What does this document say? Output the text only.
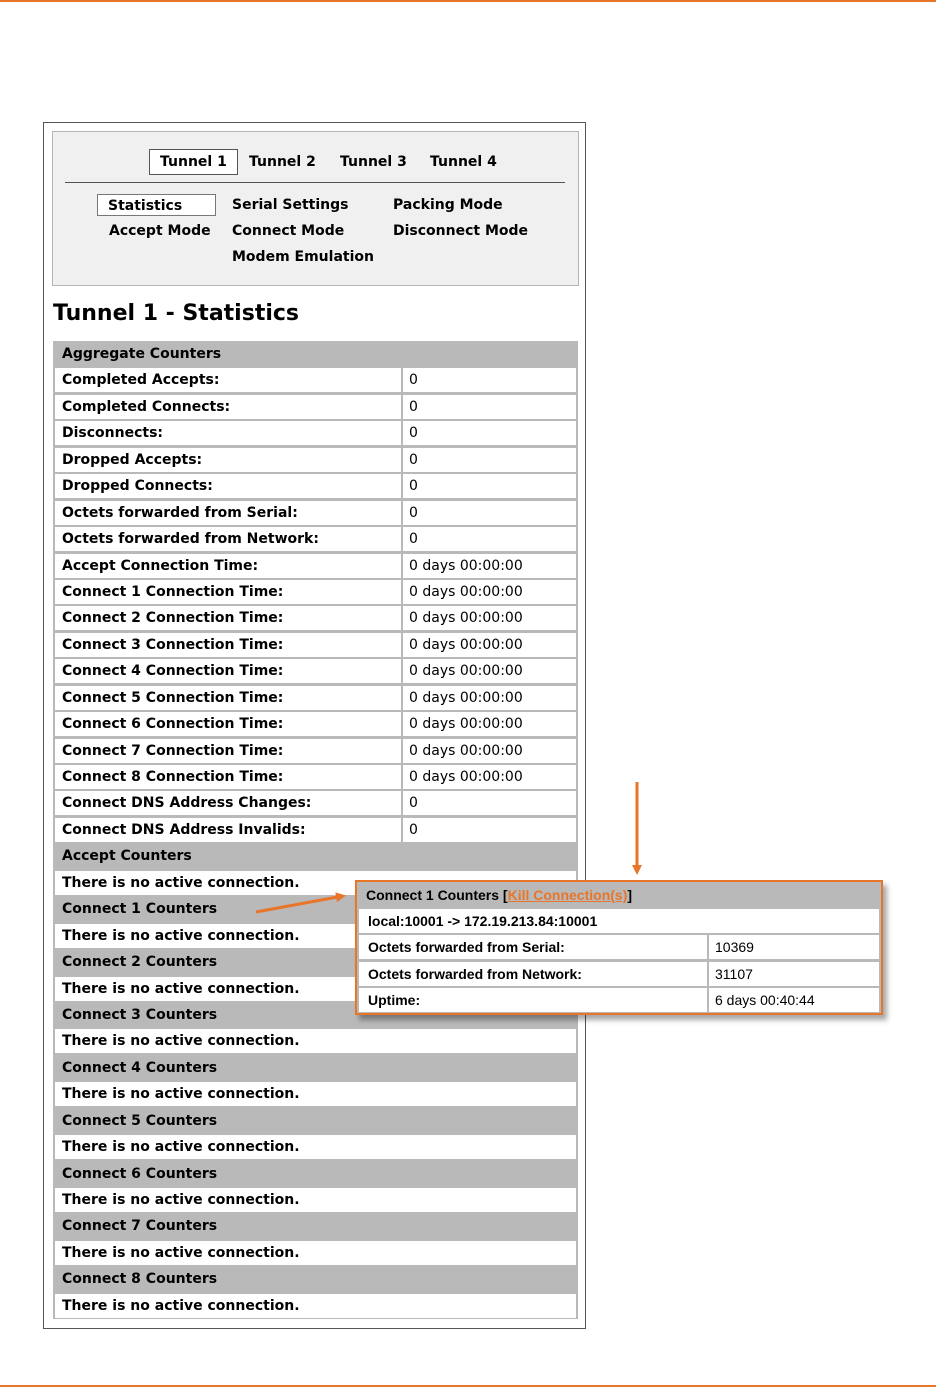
Tunnel 1	Tunnel 2 Tunnel 3 Tunnel 4
Statistics	Serial Settings	Packing Mode
Accept Mode Connect Mode	Disconnect Mode
Modem Emulation
Tunnel 1 - Statistics
Aggregate Counters
Completed Accepts:	0
Completed Connects:	0
Disconnects:	0
Dropped Accepts:	0
Dropped Connects:	0
Octets forwarded from Serial:	0
Octets forwarded from Network:	0
Accept Connection Time:	0 days 00:00:00
Connect 1 Connection Time:	0 days 00:00:00
Connect 2 Connection Time:	0 days 00:00:00
Connect 3 Connection Time:	0 days 00:00:00
Connect 4 Connection Time:	0 days 00:00:00
Connect 5 Connection Time:	0 days 00:00:00
Connect 6 Connection Time:	0 days 00:00:00
Connect 7 Connection Time:	0 days 00:00:00
Connect 8 Connection Time:	0 days 00:00:00
Connect DNS Address Changes:	0
Connect DNS Address Invalids:	0
Accept Counters
There is no active connection.
Connect 1 Counters
There is no active connection.
Connect 2 Counters
There is no active connection.
Connect 3 Counters
There is no active connection.
Connect 4 Counters
There is no active connection.
Connect 5 Counters
There is no active connection.
Connect 6 Counters
There is no active connection.
Connect 7 Counters
There is no active connection.
Connect 8 Counters
There is no active connection.
Connect 1 Counters [Kill Connection(s)]
local:10001 -> 172.19.213.84:10001
Octets forwarded from Serial:	10369
Octets forwarded from Network:	31107
Uptime:	6 days 00:40:44
